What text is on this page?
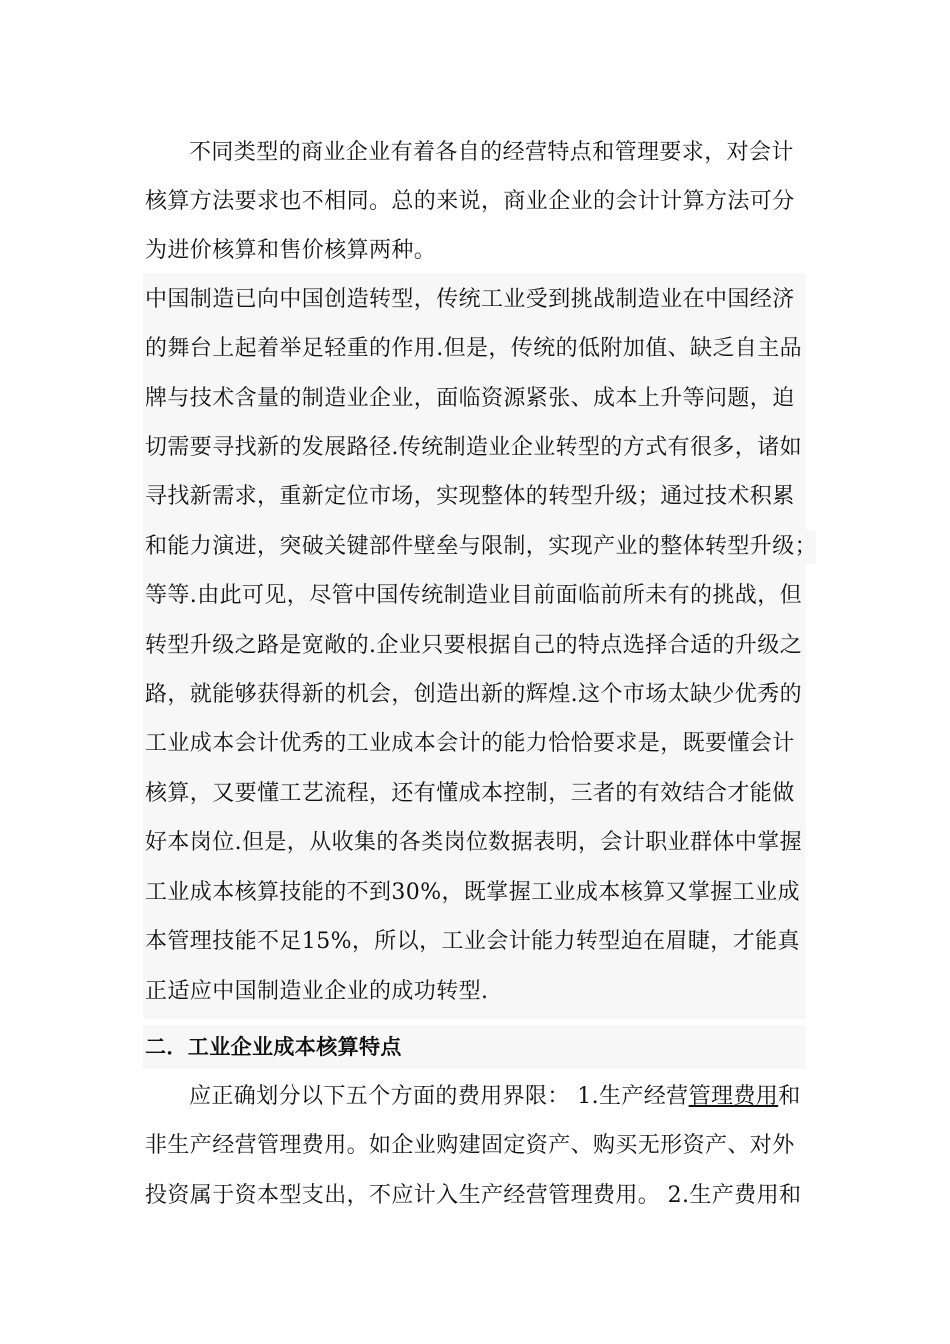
不同类型的商业企业有着各自的经营特点和管理要求，对会计
核算方法要求也不相同。总的来说，商业企业的会计计算方法可分
为进价核算和售价核算两种。
中国制造已向中国创造转型，传统工业受到挑战制造业在中国经济
的舞台上起着举足轻重的作用.但是，传统的低附加值、缺乏自主品
牌与技术含量的制造业企业，面临资源紧张、成本上升等问题，迫
切需要寻找新的发展路径.传统制造业企业转型的方式有很多，诸如
寻找新需求，重新定位市场，实现整体的转型升级；通过技术积累
和能力演进，突破关键部件壁垒与限制，实现产业的整体转型升级；
等等.由此可见，尽管中国传统制造业目前面临前所未有的挑战，但
转型升级之路是宽敞的.企业只要根据自己的特点选择合适的升级之
路，就能够获得新的机会，创造出新的辉煌.这个市场太缺少优秀的
工业成本会计优秀的工业成本会计的能力恰恰要求是，既要懂会计
核算，又要懂工艺流程，还有懂成本控制，三者的有效结合才能做
好本岗位.但是，从收集的各类岗位数据表明，会计职业群体中掌握
工业成本核算技能的不到30%，既掌握工业成本核算又掌握工业成
本管理技能不足15%，所以，工业会计能力转型迫在眉睫，才能真
正适应中国制造业企业的成功转型.
二．工业企业成本核算特点
应正确划分以下五个方面的费用界限： 1.生产经营管理费用和
非生产经营管理费用。如企业购建固定资产、购买无形资产、对外
投资属于资本型支出，不应计入生产经营管理费用。 2.生产费用和
